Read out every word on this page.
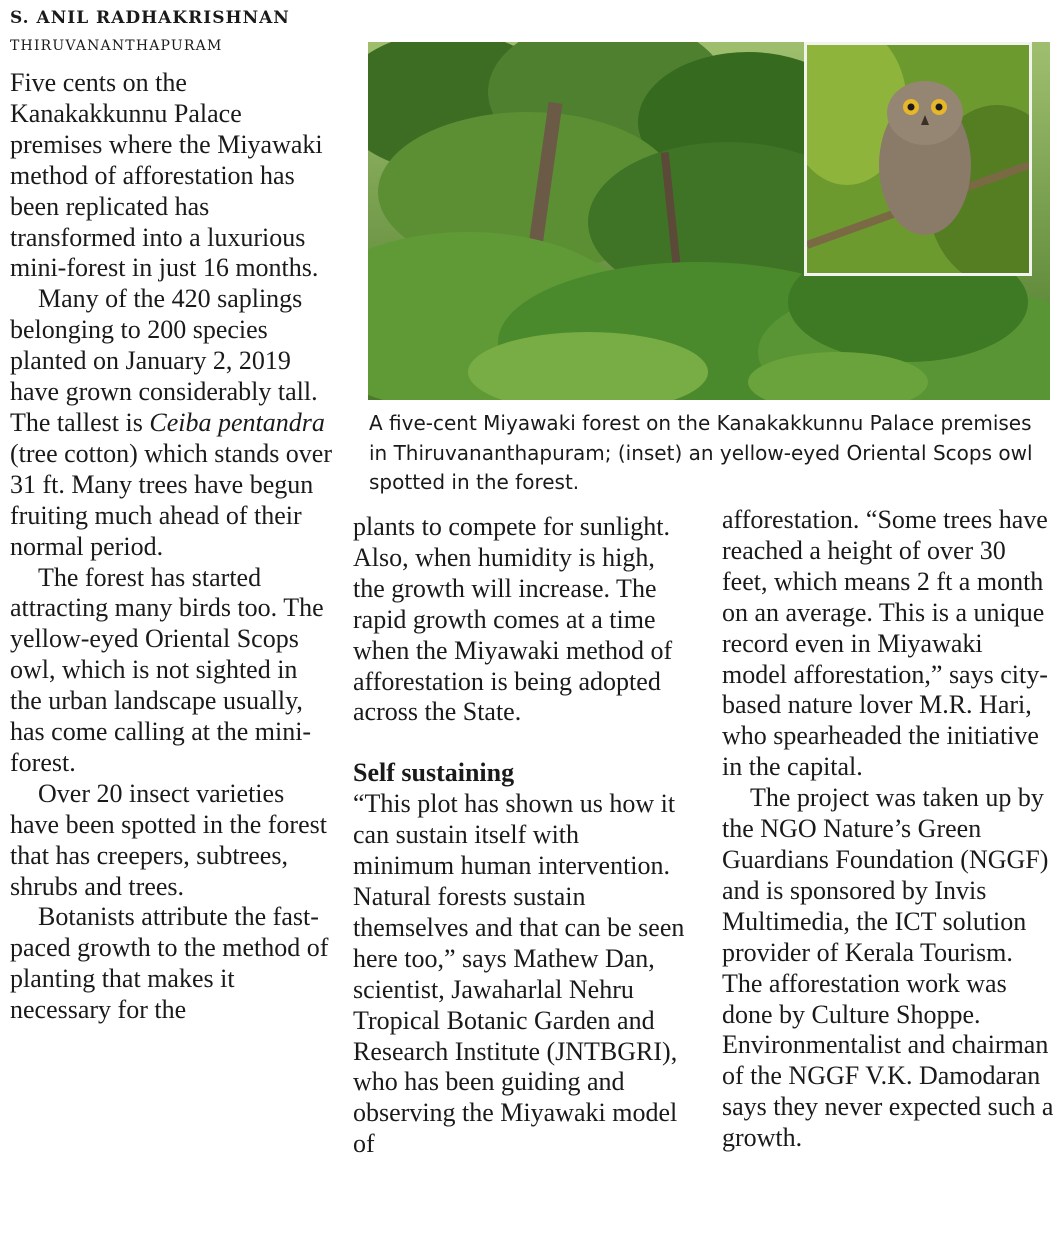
S. ANIL RADHAKRISHNAN
THIRUVANANTHAPURAM

Five cents on the Kanakakkunnu Palace premises where the Miyawaki method of afforestation has been replicated has transformed into a luxurious mini-forest in just 16 months.

Many of the 420 saplings belonging to 200 species planted on January 2, 2019 have grown considerably tall. The tallest is Ceiba pentandra (tree cotton) which stands over 31 ft. Many trees have begun fruiting much ahead of their normal period.

The forest has started attracting many birds too. The yellow-eyed Oriental Scops owl, which is not sighted in the urban landscape usually, has come calling at the mini-forest.

Over 20 insect varieties have been spotted in the forest that has creepers, subtrees, shrubs and trees.

Botanists attribute the fast-paced growth to the method of planting that makes it necessary for the

A five-cent Miyawaki forest on the Kanakakkunnu Palace premises in Thiruvananthapuram; (inset) an yellow-eyed Oriental Scops owl spotted in the forest.

plants to compete for sunlight. Also, when humidity is high, the growth will increase. The rapid growth comes at a time when the Miyawaki method of afforestation is being adopted across the State.

Self sustaining

“This plot has shown us how it can sustain itself with minimum human intervention. Natural forests sustain themselves and that can be seen here too,” says Mathew Dan, scientist, Jawaharlal Nehru Tropical Botanic Garden and Research Institute (JNTBGRI), who has been guiding and observing the Miyawaki model of

afforestation. “Some trees have reached a height of over 30 feet, which means 2 ft a month on an average. This is a unique record even in Miyawaki model afforestation,” says city-based nature lover M.R. Hari, who spearheaded the initiative in the capital.

The project was taken up by the NGO Nature’s Green Guardians Foundation (NGGF) and is sponsored by Invis Multimedia, the ICT solution provider of Kerala Tourism. The afforestation work was done by Culture Shoppe. Environmentalist and chairman of the NGGF V.K. Damodaran says they never expected such a growth.
